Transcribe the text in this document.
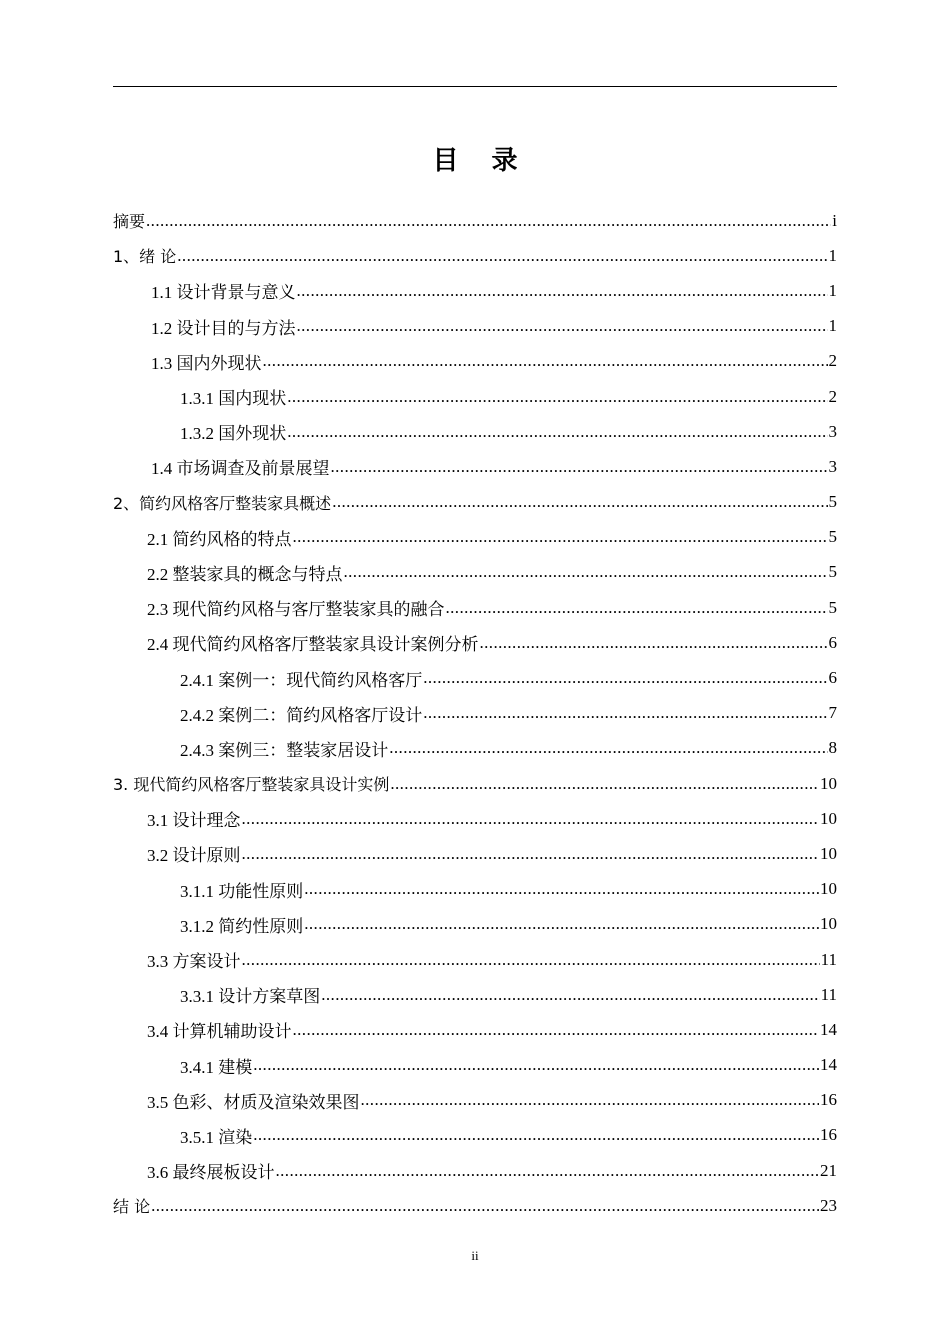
目 录
摘要 .....	i
1、绪 论 .....	1
1.1 设计背景与意义 .....	1
1.2 设计目的与方法 .....	1
1.3 国内外现状 .....	2
1.3.1 国内现状 .....	2
1.3.2 国外现状 .....	3
1.4 市场调查及前景展望 .....	3
2、简约风格客厅整装家具概述 .....	5
2.1 简约风格的特点 .....	5
2.2 整装家具的概念与特点 .....	5
2.3 现代简约风格与客厅整装家具的融合 .....	5
2.4 现代简约风格客厅整装家具设计案例分析 .....	6
2.4.1 案例一：现代简约风格客厅 .....	6
2.4.2 案例二：简约风格客厅设计 .....	7
2.4.3 案例三：整装家居设计 .....	8
3. 现代简约风格客厅整装家具设计实例 .....	10
3.1 设计理念 .....	10
3.2 设计原则 .....	10
3.1.1 功能性原则 .....	10
3.1.2 简约性原则 .....	10
3.3 方案设计 .....	11
3.3.1 设计方案草图 .....	11
3.4 计算机辅助设计 .....	14
3.4.1 建模 .....	14
3.5 色彩、材质及渲染效果图 .....	16
3.5.1 渲染 .....	16
3.6 最终展板设计 .....	21
结 论 .....	23
ii
